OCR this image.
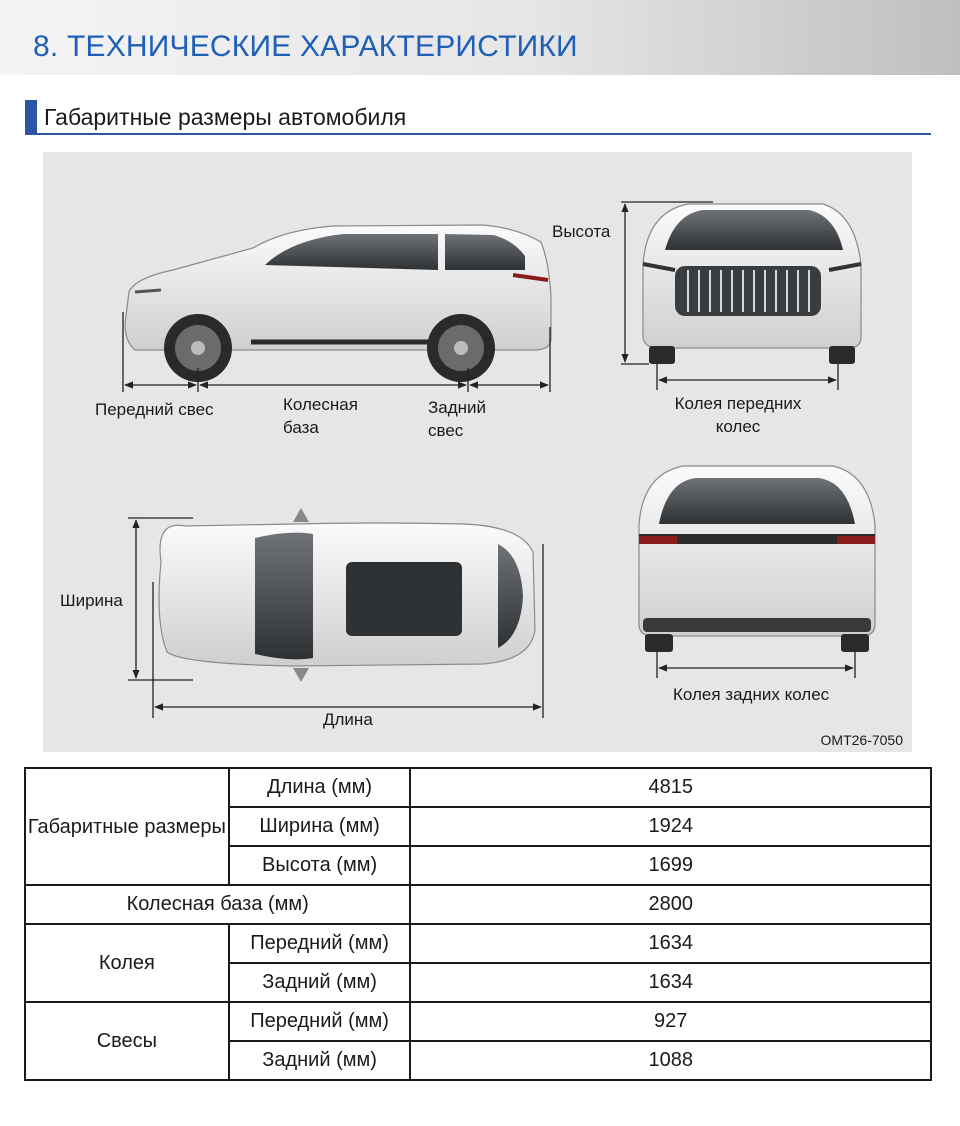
8. ТЕХНИЧЕСКИЕ ХАРАКТЕРИСТИКИ
Габаритные размеры автомобиля
Передний свес	Колесная база
Задний свес
Высота
Колея передних колес
Ширина
Длина
Колея задних колес
OMT26-7050
Габаритные размеры	Длина (мм)	4815
	Ширина (мм)	1924
	Высота (мм)	1699
Колесная база (мм)		2800
Колея	Передний (мм)	1634
	Задний (мм)	1634
Свесы	Передний (мм)	927
	Задний (мм)	1088
